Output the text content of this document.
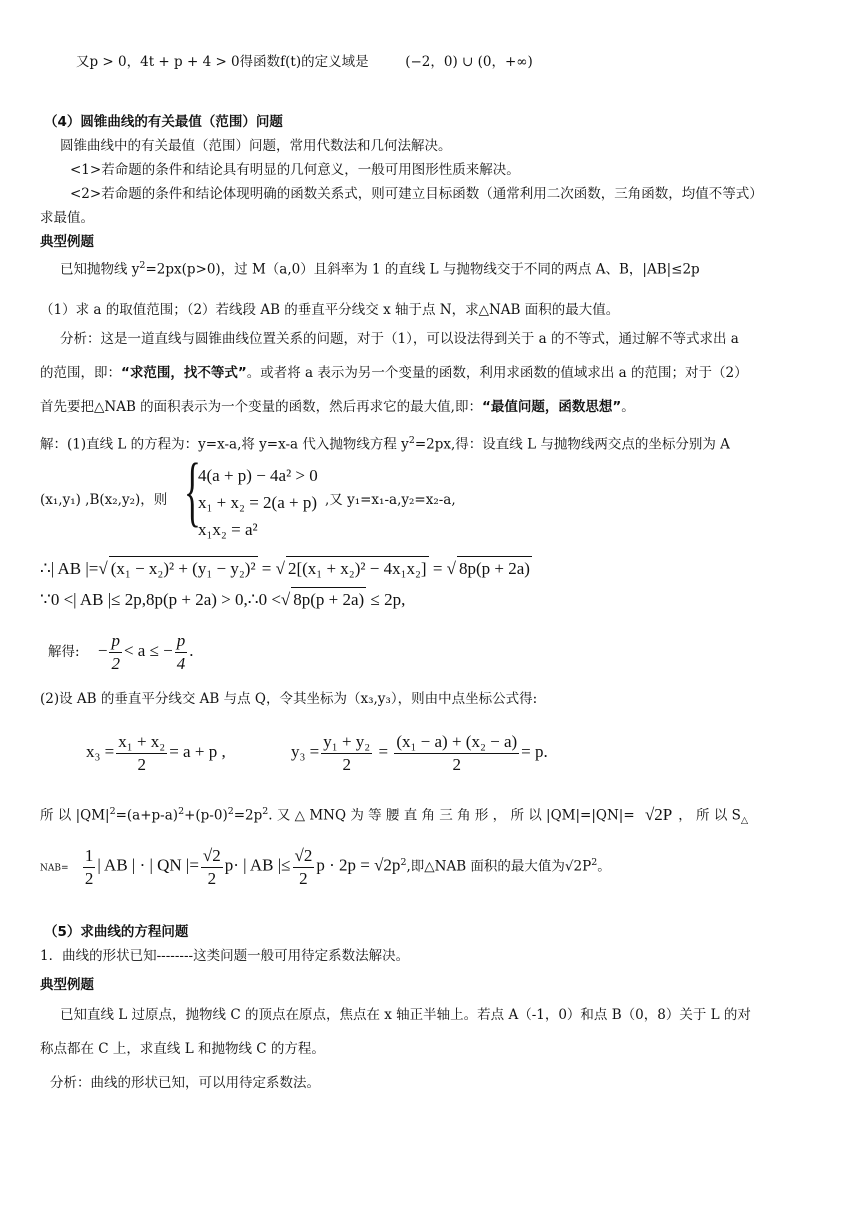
又p > 0，4t + p + 4 > 0得函数f(t)的定义域是	(−2，0) ∪ (0，+∞)
（4）圆锥曲线的有关最值（范围）问题
圆锥曲线中的有关最值（范围）问题，常用代数法和几何法解决。
<1>若命题的条件和结论具有明显的几何意义，一般可用图形性质来解决。
<2>若命题的条件和结论体现明确的函数关系式，则可建立目标函数（通常利用二次函数，三角函数，均值不等式）
求最值。
典型例题
已知抛物线 $y^2=2px(p>0)$，过 M（a,0）且斜率为 1 的直线 L 与抛物线交于不同的两点 A、B，|AB|≤2p
（1）求 a 的取值范围；（2）若线段 AB 的垂直平分线交 x 轴于点 N，求△NAB 面积的最大值。
分析：这是一道直线与圆锥曲线位置关系的问题，对于（1），可以设法得到关于 a 的不等式，通过解不等式求出 a
的范围，即：“求范围，找不等式”。或者将 a 表示为另一个变量的函数，利用求函数的值域求出 a 的范围；对于（2）
首先要把△NAB 的面积表示为一个变量的函数，然后再求它的最大值,即：“最值问题，函数思想”。
解：(1)直线 L 的方程为：y=x-a,将 y=x-a 代入抛物线方程 $y^2=2px$,得：设直线 L 与抛物线两交点的坐标分别为 A
(x₁,y₁) ,B(x₂,y₂)，则 {
4(a + p) − 4a² > 0
x₁ + x₂ = 2(a + p)
x₁x₂ = a²
,又 y₁=x₁-a,y₂=x₂-a,
∴| AB |=√ (x₁ − x₂)² + (y₁ − y₂)² = √ 2[(x₁ + x₂)² − 4x₁x₂] = √ 8p(p + 2a)
∵0 <| AB |≤ 2p,8p(p + 2a) > 0,∴0 <√ 8p(p + 2a) ≤ 2p,
解得: − $\frac{p}{2} < a$ ≤ − $\frac{p}{4}$ .
(2)设 AB 的垂直平分线交 AB 与点 Q，令其坐标为（x₃,y₃），则由中点坐标公式得:
$x_3 = \frac{\text{x₁ + x₂}}{2} = a + p$ ,	$y_3 = \frac{\text{y₁ + y₂}}{2} = \frac{\text{(x₁ − a) + (x₂ − a)}}{2} = p$.
所 以 $|QM|^2=(a+p-a)^2+(p-0)^2=2p^2$. 又 △ MNQ 为 等 腰 直 角 三 角 形 ， 所 以 |QM|=|QN|= √2P ， 所 以 $S_\triangle$
$NAB= \frac{1}{2}$ | AB | · | QN |= $\frac{√2}{2} p\cdot$ | AB |≤ $\frac{√2}{2}$ $p \cdot 2p = √2p^2$,即△NAB 面积的最大值为$√2P^2$。
（5）求曲线的方程问题
1．曲线的形状已知--------这类问题一般可用待定系数法解决。
典型例题
已知直线 L 过原点，抛物线 C 的顶点在原点，焦点在 x 轴正半轴上。若点 A（-1，0）和点 B（0，8）关于 L 的对
称点都在 C 上，求直线 L 和抛物线 C 的方程。
分析：曲线的形状已知，可以用待定系数法。
